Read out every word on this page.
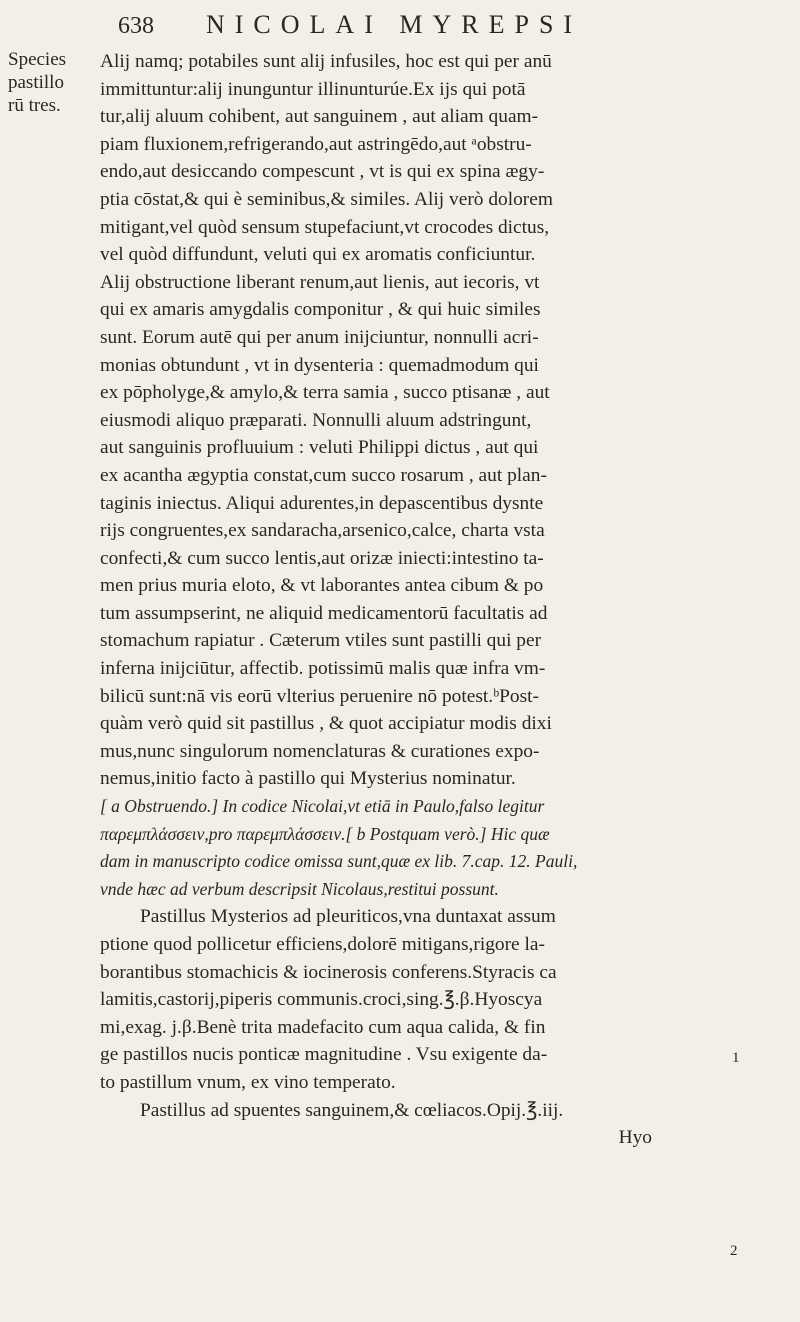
638 NICOLAI MYREPSI
Species
pastillo
rū tres.
Alij namq; potabiles sunt alij infusiles, hoc est qui per anū
immittuntur:alij inunguntur illinunturúe.Ex ijs qui potā
tur,alij aluum cohibent, aut sanguinem , aut aliam quam-
piam fluxionem,refrigerando,aut astringēdo,aut ᵃobstru-
endo,aut desiccando compescunt , vt is qui ex spina ægy-
ptia cōstat,& qui è seminibus,& similes. Alij verò dolorem
mitigant,vel quòd sensum stupefaciunt,vt crocodes dictus,
vel quòd diffundunt, veluti qui ex aromatis conficiuntur.
Alij obstructione liberant renum,aut lienis, aut iecoris, vt
qui ex amaris amygdalis componitur , & qui huic similes
sunt. Eorum autē qui per anum inijciuntur, nonnulli acri-
monias obtundunt , vt in dysenteria : quemadmodum qui
ex pōpholyge,& amylo,& terra samia , succo ptisanæ , aut
eiusmodi aliquo præparati. Nonnulli aluum adstringunt,
aut sanguinis profluuium : veluti Philippi dictus , aut qui
ex acantha ægyptia constat,cum succo rosarum , aut plan-
taginis iniectus. Aliqui adurentes,in depascentibus dysnte
rijs congruentes,ex sandaracha,arsenico,calce, charta vsta
confecti,& cum succo lentis,aut orizæ iniecti:intestino ta-
men prius muria eloto, & vt laborantes antea cibum & po
tum assumpserint, ne aliquid medicamentorū facultatis ad
stomachum rapiatur . Cæterum vtiles sunt pastilli qui per
inferna inijciūtur, affectib. potissimū malis quæ infra vm-
bilicū sunt:nā vis eorū vlterius peruenire nō potest.ᵇPost-
quàm verò quid sit pastillus , & quot accipiatur modis dixi
mus,nunc singulorum nomenclaturas & curationes expo-
nemus,initio facto à pastillo qui Mysterius nominatur.
[ a Obstruendo.] In codice Nicolai,vt etiā in Paulo,falso legitur
παρεμπλάσσειν,pro παρεμπλάσσειν.[ b Postquam verò.] Hic quæ
dam in manuscripto codice omissa sunt,quæ ex lib. 7.cap. 12. Pauli,
vnde hæc ad verbum descripsit Nicolaus,restitui possunt.
Pastillus Mysterios ad pleuriticos,vna duntaxat assum
ptione quod pollicetur efficiens,dolorē mitigans,rigore la-
borantibus stomachicis & iocinerosis conferens.Styracis ca
lamitis,castorij,piperis communis.croci,sing.℥.β.Hyoscya
mi,exag. j.β.Benè trita madefacito cum aqua calida, & fin
ge pastillos nucis ponticæ magnitudine . Vsu exigente da-
to pastillum vnum, ex vino temperato.
Pastillus ad spuentes sanguinem,& cœliacos.Opij.℥.iij.
Hyo
1
2
